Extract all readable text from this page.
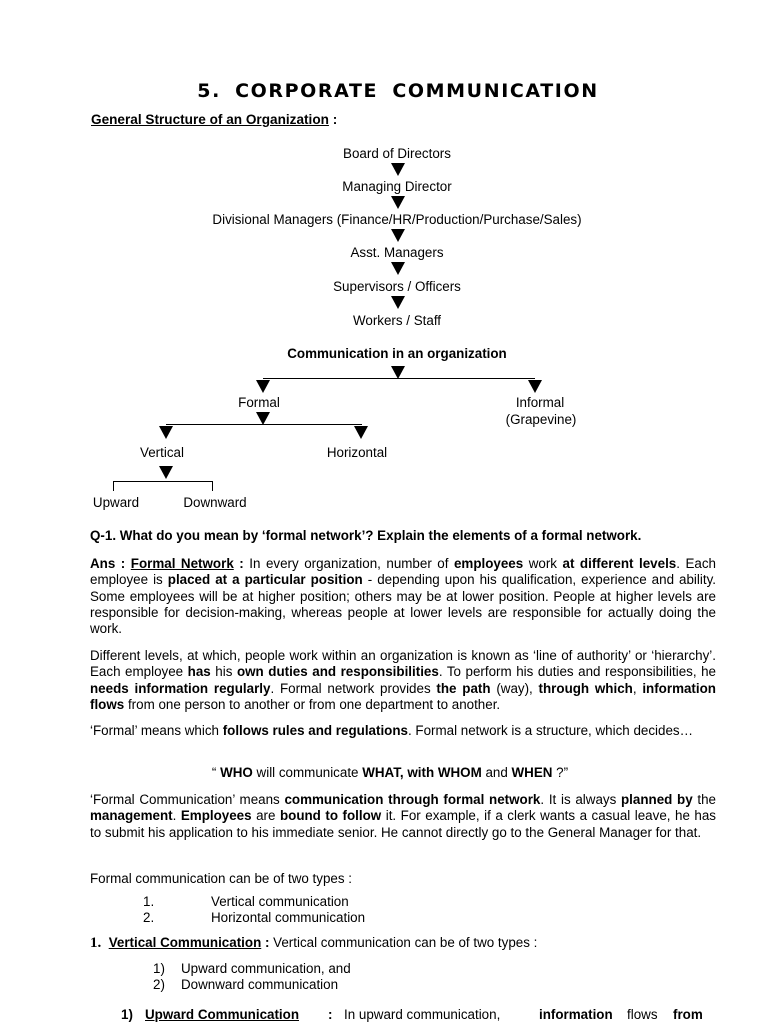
5. CORPORATE COMMUNICATION
General Structure of an Organization :
Board of Directors
Managing Director
Divisional Managers (Finance/HR/Production/Purchase/Sales)
Asst. Managers
Supervisors / Officers
Workers / Staff
Communication in an organization
Formal	Informal
(Grapevine)
Vertical	Horizontal
Upward	Downward
Q-1. What do you mean by ‘formal network’? Explain the elements of a formal network.

Ans : Formal Network : In every organization, number of employees work at different levels. Each employee is placed at a particular position - depending upon his qualification, experience and ability. Some employees will be at higher position; others may be at lower position. People at higher levels are responsible for decision-making, whereas people at lower levels are responsible for actually doing the work.

Different levels, at which, people work within an organization is known as ‘line of authority’ or ‘hierarchy’. Each employee has his own duties and responsibilities. To perform his duties and responsibilities, he needs information regularly. Formal network provides the path (way), through which, information flows from one person to another or from one department to another.

‘Formal’ means which follows rules and regulations. Formal network is a structure, which decides…

“ WHO will communicate WHAT, with WHOM and WHEN ?”

‘Formal Communication’ means communication through formal network. It is always planned by the management. Employees are bound to follow it. For example, if a clerk wants a casual leave, he has to submit his application to his immediate senior. He cannot directly go to the General Manager for that.

Formal communication can be of two types :

1.	Vertical communication
2.	Horizontal communication
1. Vertical Communication : Vertical communication can be of two types :
1) Upward communication, and
2) Downward communication
1) Upward Communication : In upward communication,	information flows from
